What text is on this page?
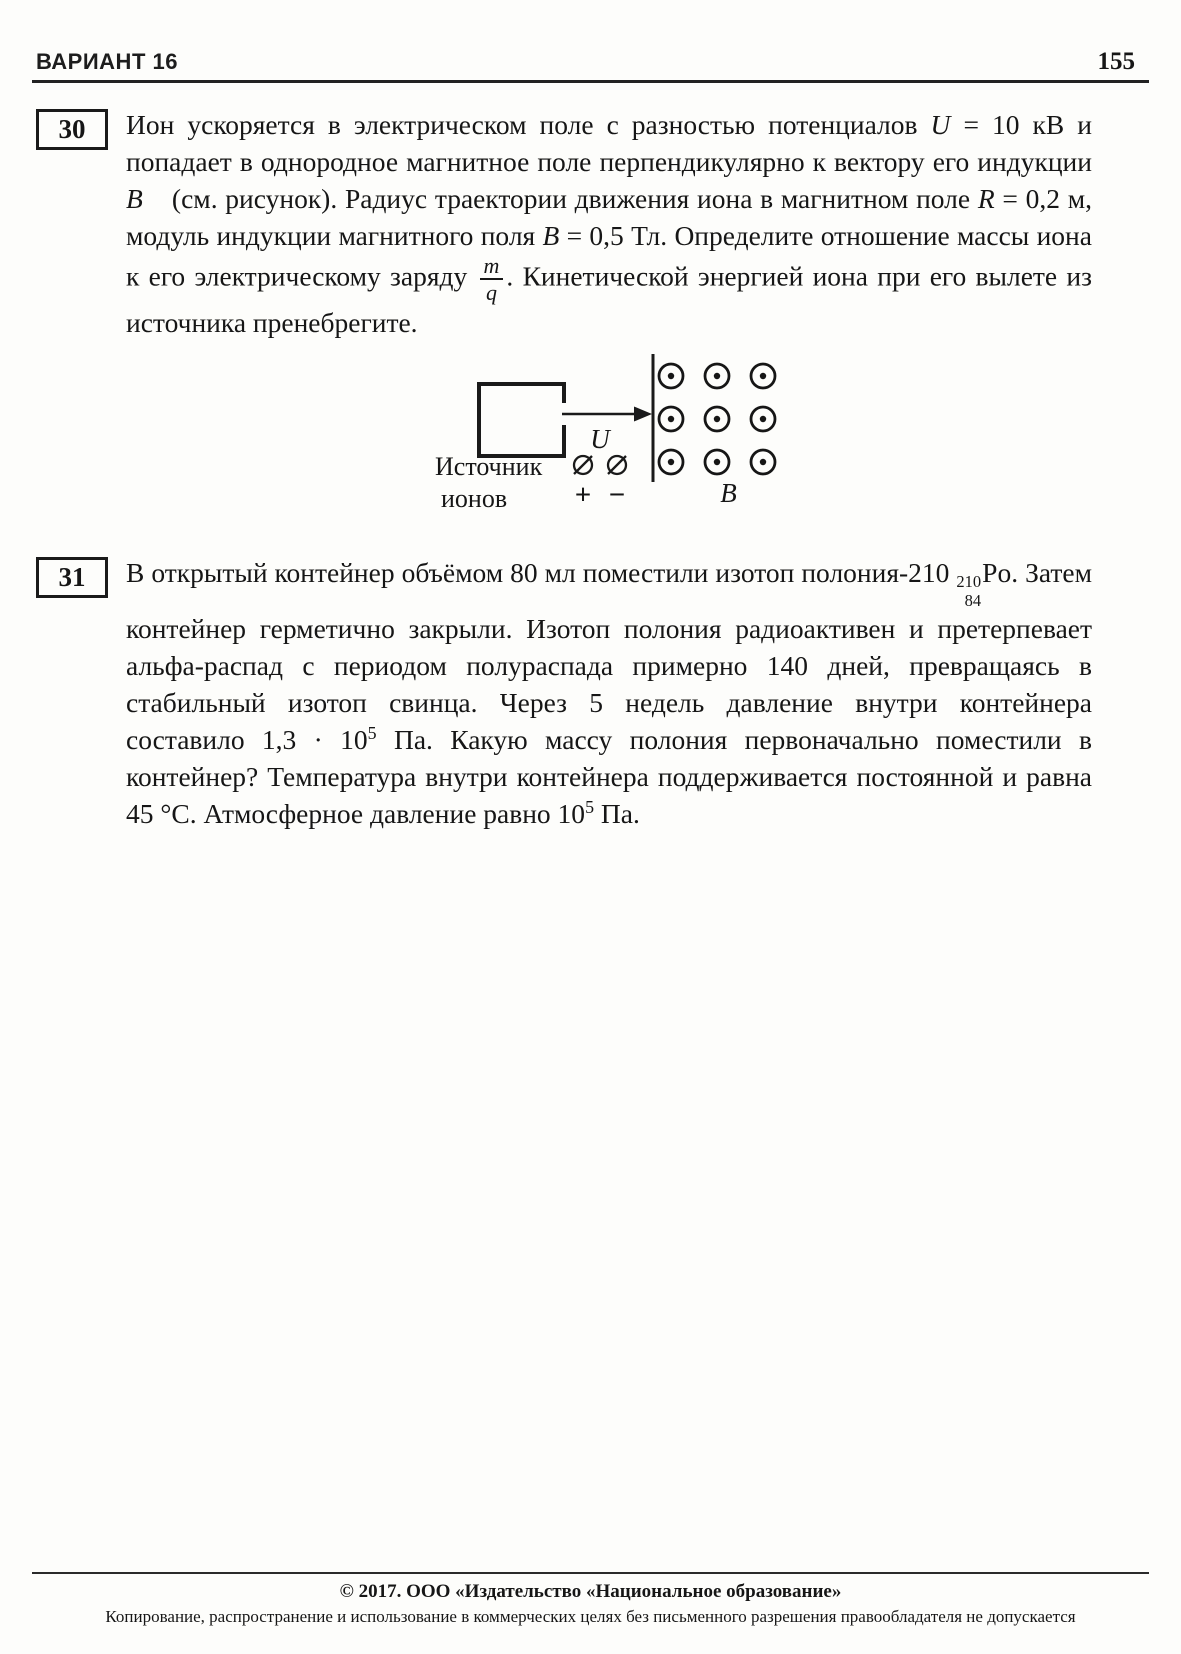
ВАРИАНТ 16	155
30	Ион ускоряется в электрическом поле с разностью потенциалов U = 10 кВ и попадает в однородное магнитное поле перпендикулярно к вектору его индукции B⃗ (см. рисунок). Радиус траектории движения иона в магнитном поле R = 0,2 м, модуль индукции магнитного поля B = 0,5 Тл. Определите отношение массы иона к его электрическому заряду $\frac{m}{q}$ . Кинетической энергией иона при его вылете из источника пренебрегите.

U
+ −	B⃗
Источник
ионов
31	В открытый контейнер объёмом 80 мл поместили изотоп полония-210 210
84
Po. Затем контейнер герметично закрыли. Изотоп полония радиоактивен и претерпевает альфа-распад с периодом полураспада примерно 140 дней, превращаясь в стабильный изотоп свинца. Через 5 недель давление внутри контейнера составило $1,3 \cdot 10^5$ Па. Какую массу полония первоначально поместили в контейнер? Температура внутри контейнера поддерживается постоянной и равна 45 °С. Атмосферное давление равно $10^5$ Па.

© 2017. ООО «Издательство «Национальное образование»
Копирование, распространение и использование в коммерческих целях без письменного разрешения правообладателя не допускается
